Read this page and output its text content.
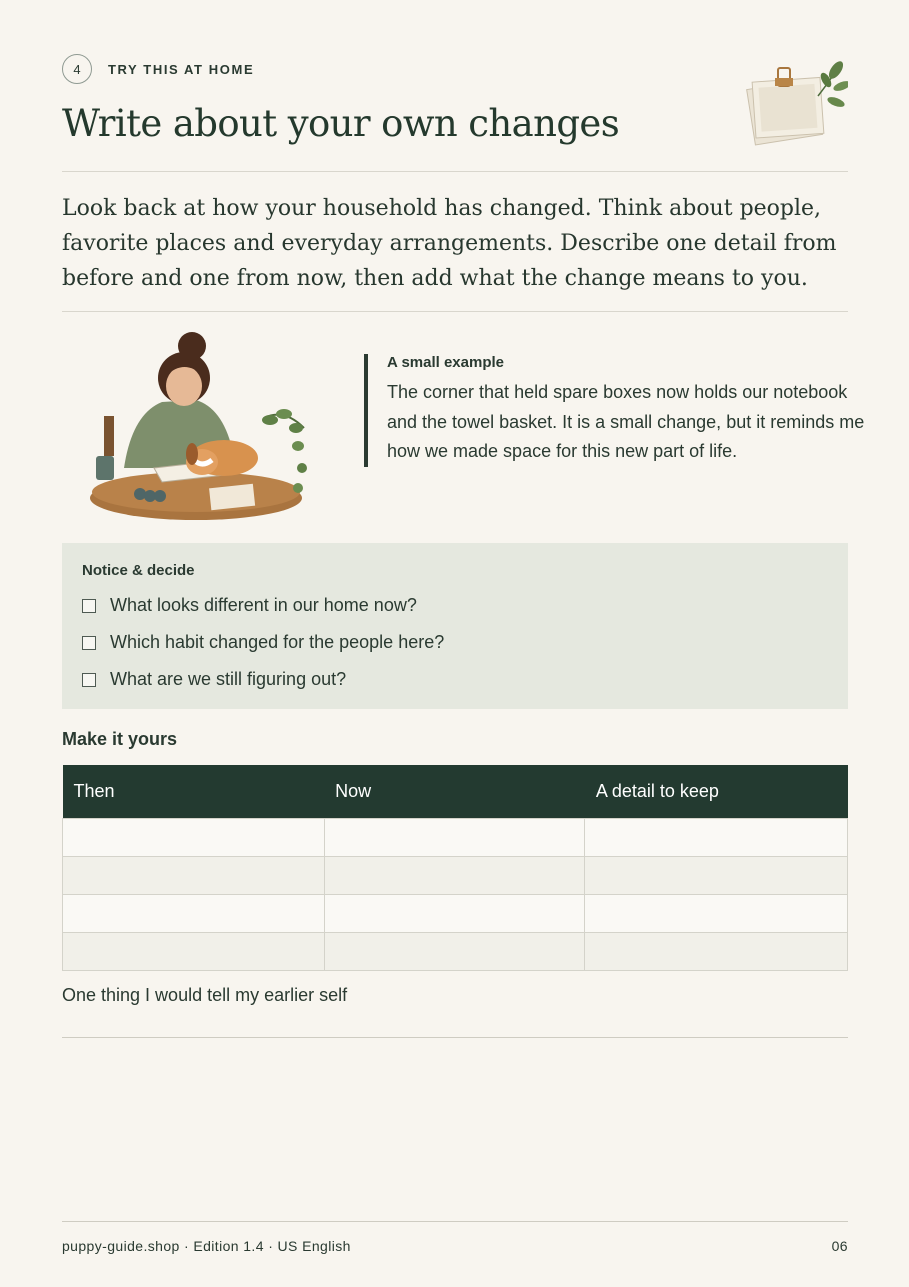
4	TRY THIS AT HOME
Write about your own changes

Look back at how your household has changed. Think about people, favorite places and everyday arrangements. Describe one detail from before and one from now, then add what the change means to you.

A small example
The corner that held spare boxes now holds our notebook and the towel basket. It is a small change, but it reminds me how we made space for this new part of life.
Notice & decide
What looks different in our home now?
Which habit changed for the people here?
What are we still figuring out?
Make it yours
Then	Now	A detail to keep

One thing I would tell my earlier self
puppy-guide.shop · Edition 1.4 · US English	06
